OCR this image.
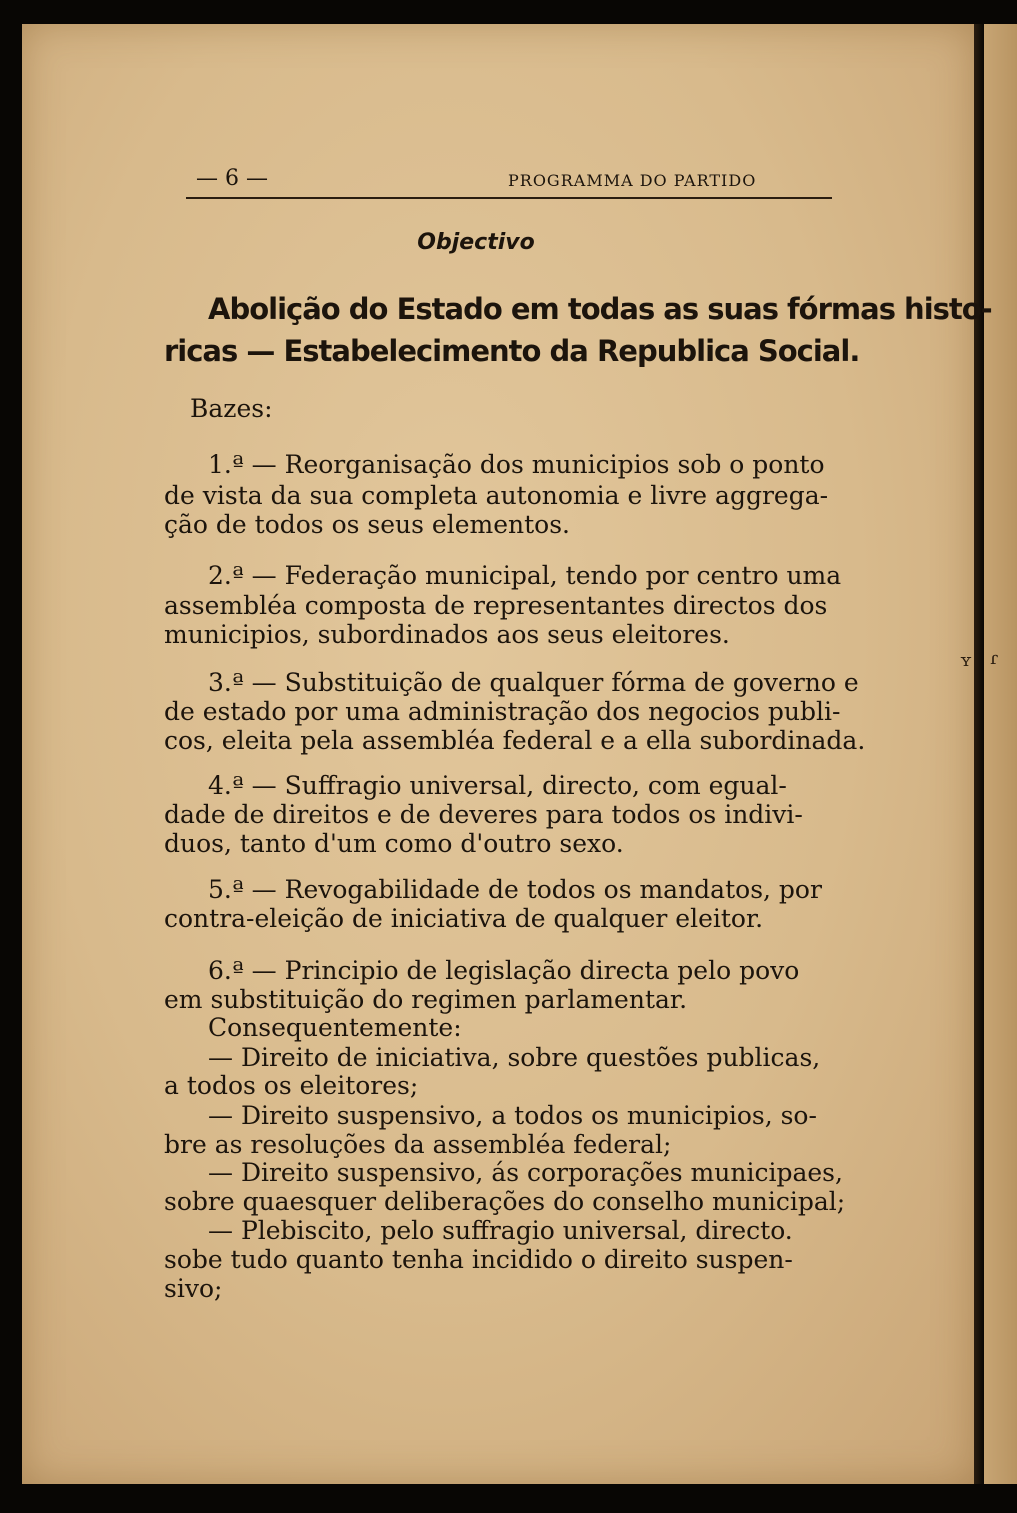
ʏ ɾ
— 6 —	PROGRAMMA DO PARTIDO
Objectivo
Abolição do Estado em todas as suas fórmas histo-
ricas — Estabelecimento da Republica Social.
Bazes:
1.ª — Reorganisação dos municipios sob o ponto
de vista da sua completa autonomia e livre aggrega-
ção de todos os seus elementos.
2.ª — Federação municipal, tendo por centro uma
assembléa composta de representantes directos dos
municipios, subordinados aos seus eleitores.
3.ª — Substituição de qualquer fórma de governo e
de estado por uma administração dos negocios publi-
cos, eleita pela assembléa federal e a ella subordinada.
4.ª — Suffragio universal, directo, com egual-
dade de direitos e de deveres para todos os indivi-
duos, tanto d'um como d'outro sexo.
5.ª — Revogabilidade de todos os mandatos, por
contra-eleição de iniciativa de qualquer eleitor.
6.ª — Principio de legislação directa pelo povo
em substituição do regimen parlamentar.
Consequentemente:
— Direito de iniciativa, sobre questões publicas,
a todos os eleitores;
— Direito suspensivo, a todos os municipios, so-
bre as resoluções da assembléa federal;
— Direito suspensivo, ás corporações municipaes,
sobre quaesquer deliberações do conselho municipal;
— Plebiscito, pelo suffragio universal, directo.
sobe tudo quanto tenha incidido o direito suspen-
sivo;
